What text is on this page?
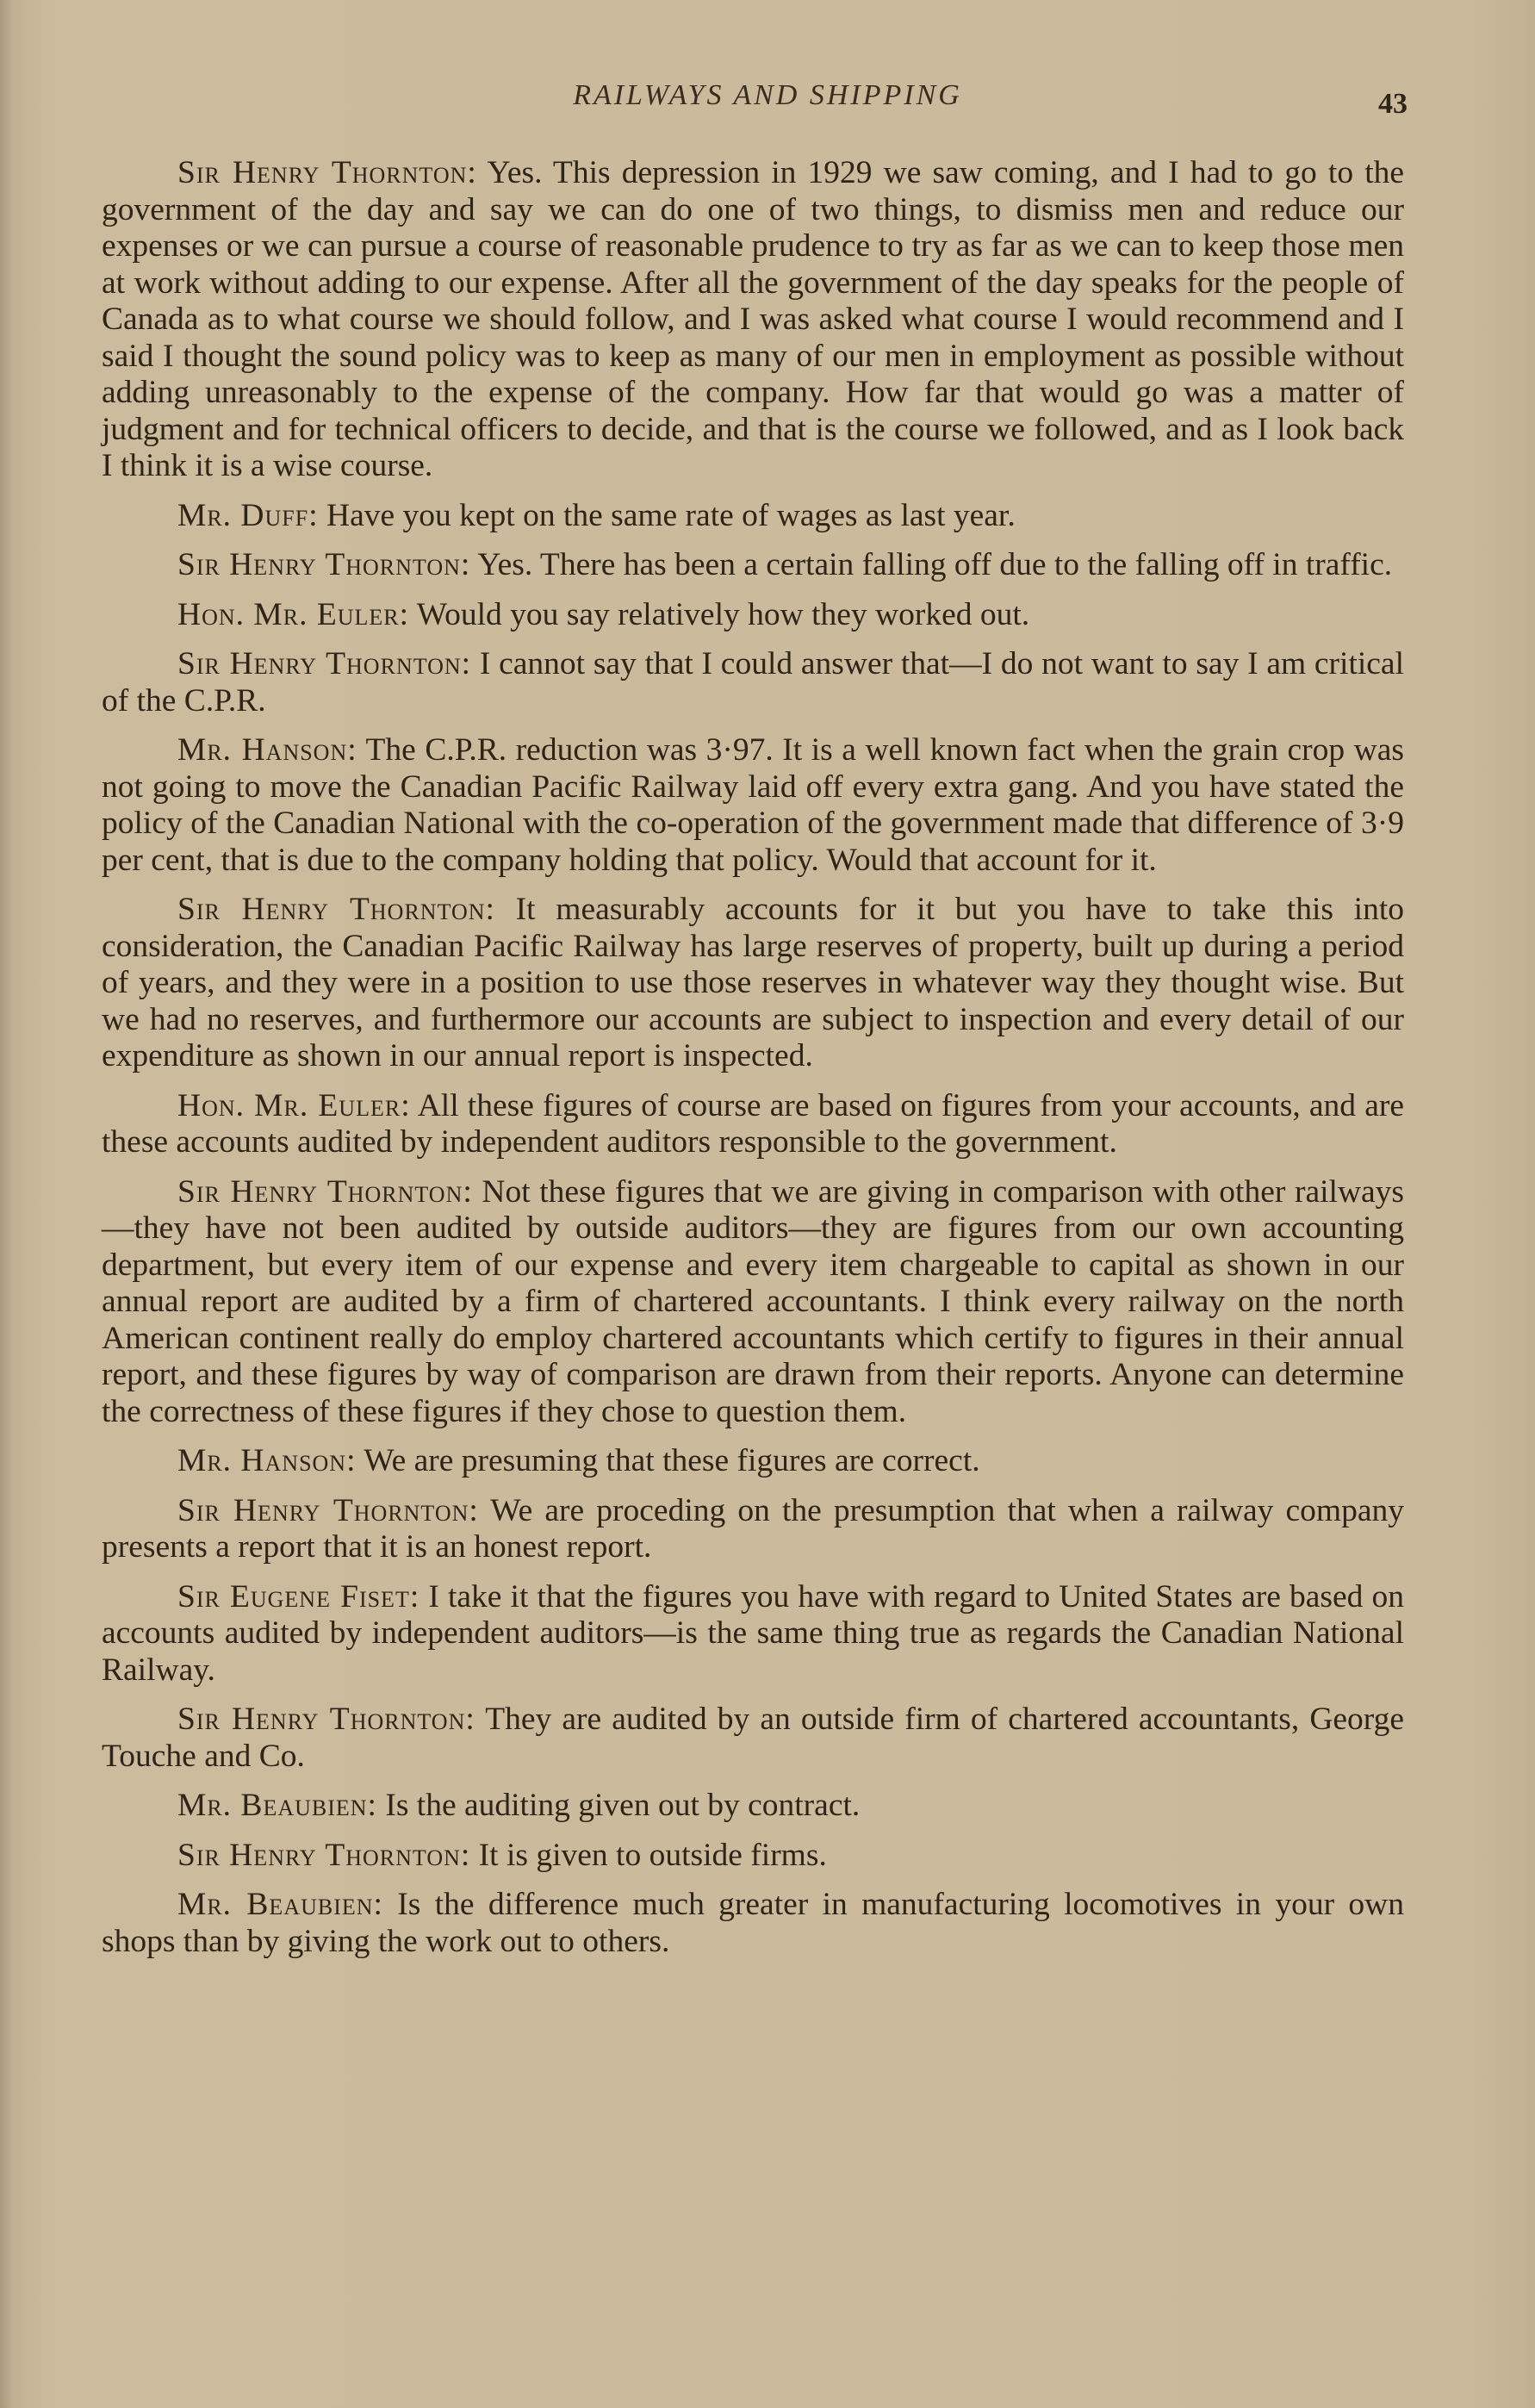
RAILWAYS AND SHIPPING	43

Sir Henry Thornton: Yes. This depression in 1929 we saw coming, and I had to go to the government of the day and say we can do one of two things, to dismiss men and reduce our expenses or we can pursue a course of reasonable prudence to try as far as we can to keep those men at work without adding to our expense. After all the government of the day speaks for the people of Canada as to what course we should follow, and I was asked what course I would recommend and I said I thought the sound policy was to keep as many of our men in employment as possible without adding unreasonably to the expense of the company. How far that would go was a matter of judgment and for technical officers to decide, and that is the course we followed, and as I look back I think it is a wise course.

Mr. Duff: Have you kept on the same rate of wages as last year.

Sir Henry Thornton: Yes. There has been a certain falling off due to the falling off in traffic.

Hon. Mr. Euler: Would you say relatively how they worked out.

Sir Henry Thornton: I cannot say that I could answer that—I do not want to say I am critical of the C.P.R.

Mr. Hanson: The C.P.R. reduction was 3·97. It is a well known fact when the grain crop was not going to move the Canadian Pacific Railway laid off every extra gang. And you have stated the policy of the Canadian National with the co-operation of the government made that difference of 3·9 per cent, that is due to the company holding that policy. Would that account for it.

Sir Henry Thornton: It measurably accounts for it but you have to take this into consideration, the Canadian Pacific Railway has large reserves of property, built up during a period of years, and they were in a position to use those reserves in whatever way they thought wise. But we had no reserves, and furthermore our accounts are subject to inspection and every detail of our expenditure as shown in our annual report is inspected.

Hon. Mr. Euler: All these figures of course are based on figures from your accounts, and are these accounts audited by independent auditors responsible to the government.

Sir Henry Thornton: Not these figures that we are giving in comparison with other railways—they have not been audited by outside auditors—they are figures from our own accounting department, but every item of our expense and every item chargeable to capital as shown in our annual report are audited by a firm of chartered accountants. I think every railway on the north American continent really do employ chartered accountants which certify to figures in their annual report, and these figures by way of comparison are drawn from their reports. Anyone can determine the correctness of these figures if they chose to question them.

Mr. Hanson: We are presuming that these figures are correct.

Sir Henry Thornton: We are proceding on the presumption that when a railway company presents a report that it is an honest report.

Sir Eugene Fiset: I take it that the figures you have with regard to United States are based on accounts audited by independent auditors—is the same thing true as regards the Canadian National Railway.

Sir Henry Thornton: They are audited by an outside firm of chartered accountants, George Touche and Co.

Mr. Beaubien: Is the auditing given out by contract.

Sir Henry Thornton: It is given to outside firms.

Mr. Beaubien: Is the difference much greater in manufacturing locomotives in your own shops than by giving the work out to others.
